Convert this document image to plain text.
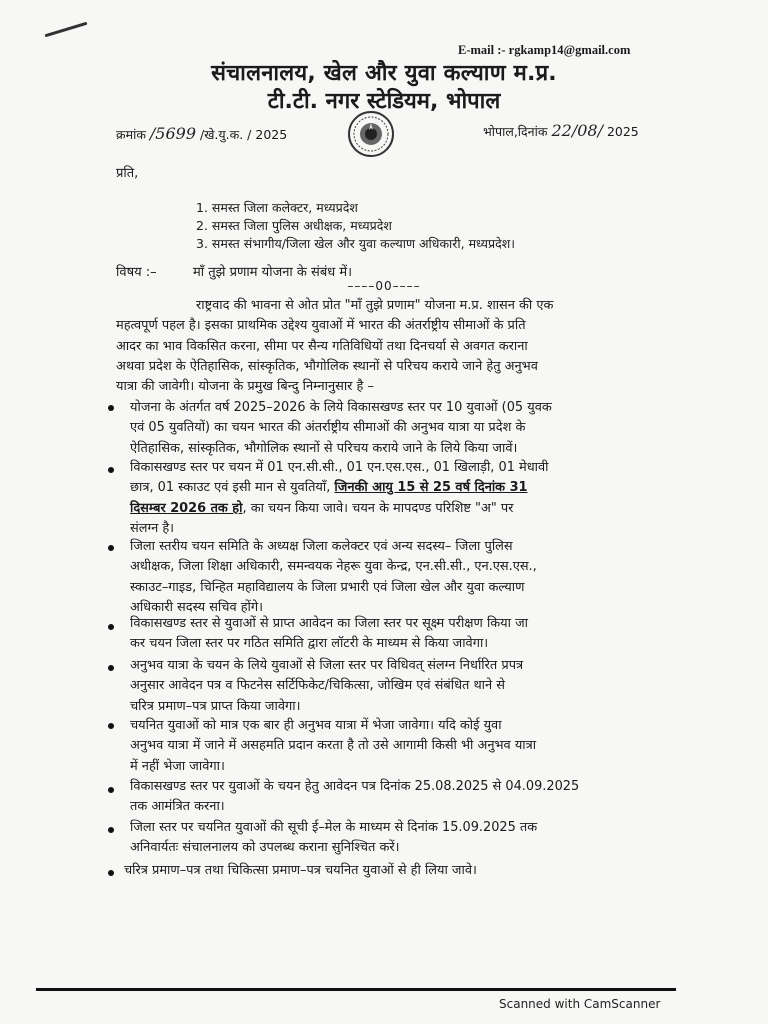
E-mail :- rgkamp14@gmail.com
संचालनालय, खेल और युवा कल्याण म.प्र.
टी.टी. नगर स्टेडियम, भोपाल
क्रमांक /5699 /खे.यु.क. / 2025	भोपाल,दिनांक 22/08/ 2025
प्रति,
1. समस्त जिला कलेक्टर, मध्यप्रदेश
2. समस्त जिला पुलिस अधीक्षक, मध्यप्रदेश
3. समस्त संभागीय/जिला खेल और युवा कल्याण अधिकारी, मध्यप्रदेश।
विषय :–	माँ तुझे प्रणाम योजना के संबंध में।
––––00––––
राष्ट्रवाद की भावना से ओत प्रोत "माँ तुझे प्रणाम" योजना म.प्र. शासन की एक
महत्वपूर्ण पहल है। इसका प्राथमिक उद्देश्य युवाओं में भारत की अंतर्राष्ट्रीय सीमाओं के प्रति
आदर का भाव विकसित करना, सीमा पर सैन्य गतिविधियों तथा दिनचर्या से अवगत कराना
अथवा प्रदेश के ऐतिहासिक, सांस्कृतिक, भौगोलिक स्थानों से परिचय कराये जाने हेतु अनुभव
यात्रा की जावेगी। योजना के प्रमुख बिन्दु निम्नानुसार है –
योजना के अंतर्गत वर्ष 2025–2026 के लिये विकासखण्ड स्तर पर 10 युवाओं (05 युवक
एवं 05 युवतियों) का चयन भारत की अंतर्राष्ट्रीय सीमाओं की अनुभव यात्रा या प्रदेश के
ऐतिहासिक, सांस्कृतिक, भौगोलिक स्थानों से परिचय कराये जाने के लिये किया जावें।
विकासखण्ड स्तर पर चयन में 01 एन.सी.सी., 01 एन.एस.एस., 01 खिलाड़ी, 01 मेधावी
छात्र, 01 स्काउट एवं इसी मान से युवतियाँ, जिनकी आयु 15 से 25 वर्ष दिनांक 31
दिसम्बर 2026 तक हो, का चयन किया जावे। चयन के मापदण्ड परिशिष्ट "अ" पर
संलग्न है।
जिला स्तरीय चयन समिति के अध्यक्ष जिला कलेक्टर एवं अन्य सदस्य– जिला पुलिस
अधीक्षक, जिला शिक्षा अधिकारी, समन्वयक नेहरू युवा केन्द्र, एन.सी.सी., एन.एस.एस.,
स्काउट–गाइड, चिन्हित महाविद्यालय के जिला प्रभारी एवं जिला खेल और युवा कल्याण
अधिकारी सदस्य सचिव होंगे।
विकासखण्ड स्तर से युवाओं से प्राप्त आवेदन का जिला स्तर पर सूक्ष्म परीक्षण किया जा
कर चयन जिला स्तर पर गठित समिति द्वारा लॉटरी के माध्यम से किया जावेगा।
अनुभव यात्रा के चयन के लिये युवाओं से जिला स्तर पर विधिवत् संलग्न निर्धारित प्रपत्र
अनुसार आवेदन पत्र व फिटनेस सर्टिफिकेट/चिकित्सा, जोखिम एवं संबंधित थाने से
चरित्र प्रमाण–पत्र प्राप्त किया जावेगा।
चयनित युवाओं को मात्र एक बार ही अनुभव यात्रा में भेजा जावेगा। यदि कोई युवा
अनुभव यात्रा में जाने में असहमति प्रदान करता है तो उसे आगामी किसी भी अनुभव यात्रा
में नहीं भेजा जावेगा।
विकासखण्ड स्तर पर युवाओं के चयन हेतु आवेदन पत्र दिनांक 25.08.2025 से 04.09.2025
तक आमंत्रित करना।
जिला स्तर पर चयनित युवाओं की सूची ई–मेल के माध्यम से दिनांक 15.09.2025 तक
अनिवार्यतः संचालनालय को उपलब्ध कराना सुनिश्चित करें।
चरित्र प्रमाण–पत्र तथा चिकित्सा प्रमाण–पत्र चयनित युवाओं से ही लिया जावे।
Scanned with CamScanner
